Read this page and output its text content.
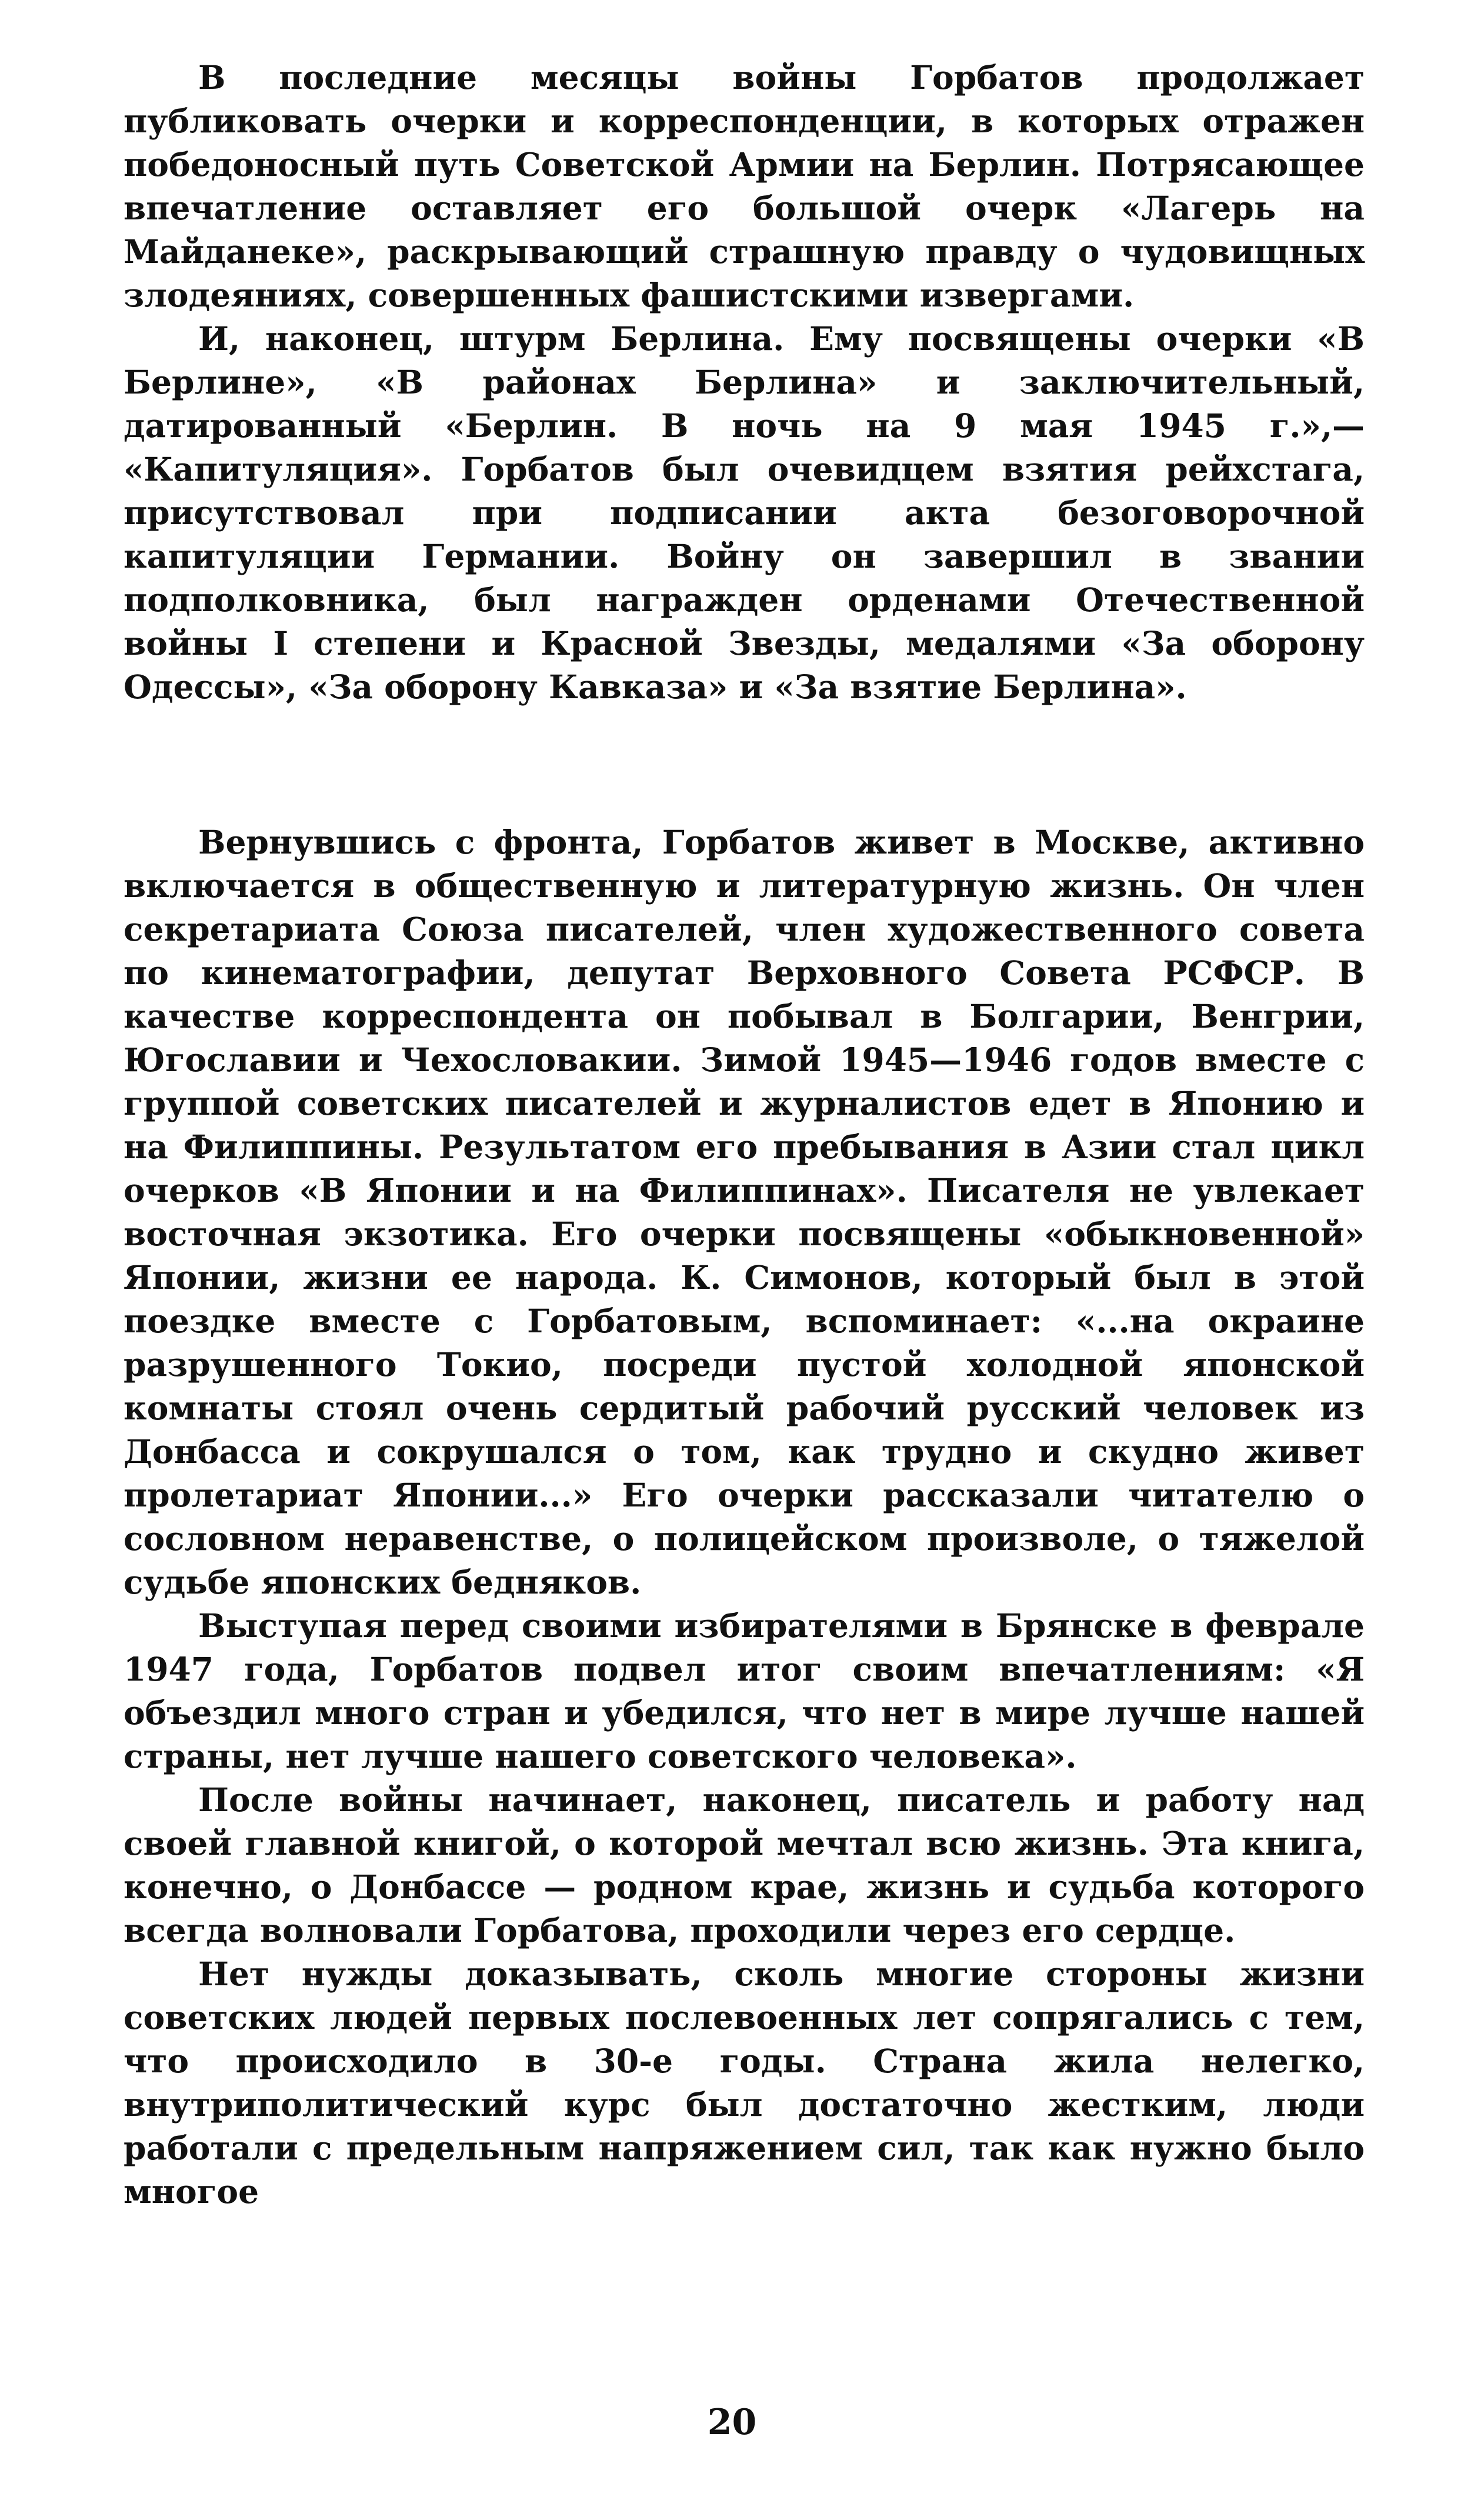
В последние месяцы войны Горбатов продолжает публиковать очерки и корреспонденции, в которых отражен победоносный путь Советской Армии на Берлин. Потрясающее впечатление оставляет его большой очерк «Лагерь на Майданеке», раскрывающий страшную правду о чудовищных злодеяниях, совершенных фашистскими извергами.

И, наконец, штурм Берлина. Ему посвящены очерки «В Берлине», «В районах Берлина» и заключительный, датированный «Берлин. В ночь на 9 мая 1945 г.»,— «Капитуляция». Горбатов был очевидцем взятия рейхстага, присутствовал при подписании акта безоговорочной капитуляции Германии. Войну он завершил в звании подполковника, был награжден орденами Отечественной войны I степени и Красной Звезды, медалями «За оборону Одессы», «За оборону Кавказа» и «За взятие Берлина».

Вернувшись с фронта, Горбатов живет в Москве, активно включается в общественную и литературную жизнь. Он член секретариата Союза писателей, член художественного совета по кинематографии, депутат Верховного Совета РСФСР. В качестве корреспондента он побывал в Болгарии, Венгрии, Югославии и Чехословакии. Зимой 1945—1946 годов вместе с группой советских писателей и журналистов едет в Японию и на Филиппины. Результатом его пребывания в Азии стал цикл очерков «В Японии и на Филиппинах». Писателя не увлекает восточная экзотика. Его очерки посвящены «обыкновенной» Японии, жизни ее народа. К. Симонов, который был в этой поездке вместе с Горбатовым, вспоминает: «...на окраине разрушенного Токио, посреди пустой холодной японской комнаты стоял очень сердитый рабочий русский человек из Донбасса и сокрушался о том, как трудно и скудно живет пролетариат Японии...» Его очерки рассказали читателю о сословном неравенстве, о полицейском произволе, о тяжелой судьбе японских бедняков.

Выступая перед своими избирателями в Брянске в феврале 1947 года, Горбатов подвел итог своим впечатлениям: «Я объездил много стран и убедился, что нет в мире лучше нашей страны, нет лучше нашего советского человека».

После войны начинает, наконец, писатель и работу над своей главной книгой, о которой мечтал всю жизнь. Эта книга, конечно, о Донбассе — родном крае, жизнь и судьба которого всегда волновали Горбатова, проходили через его сердце.

Нет нужды доказывать, сколь многие стороны жизни советских людей первых послевоенных лет сопрягались с тем, что происходило в 30-е годы. Страна жила нелегко, внутриполитический курс был достаточно жестким, люди работали с предельным напряжением сил, так как нужно было многое

20
